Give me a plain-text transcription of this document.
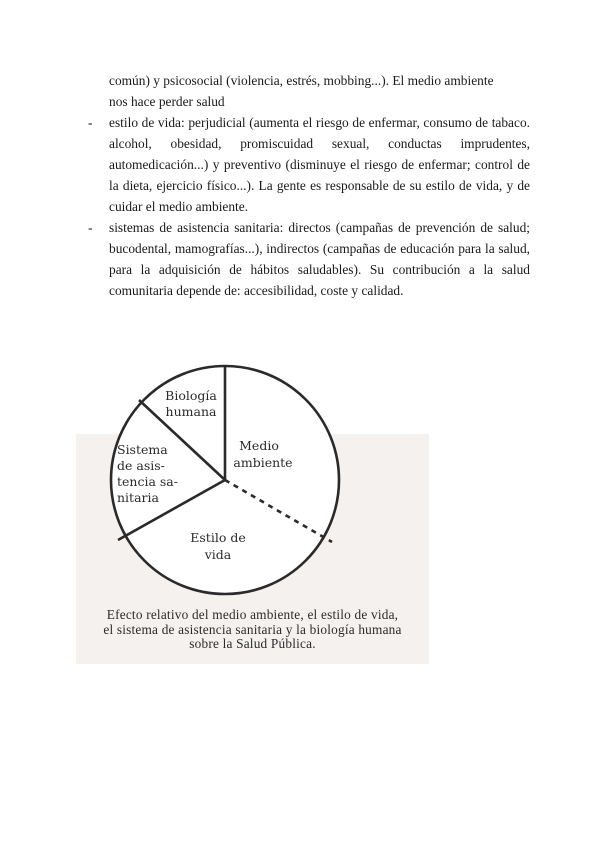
común) y psicosocial (violencia, estrés, mobbing...). El medio ambiente
nos hace perder salud

- estilo de vida: perjudicial (aumenta el riesgo de enfermar, consumo de tabaco. alcohol, obesidad, promiscuidad sexual, conductas imprudentes, automedicación...) y preventivo (disminuye el riesgo de enfermar; control de la dieta, ejercicio físico...). La gente es responsable de su estilo de vida, y de cuidar el medio ambiente.

- sistemas de asistencia sanitaria: directos (campañas de prevención de salud; bucodental, mamografías...), indirectos (campañas de educación para la salud, para la adquisición de hábitos saludables). Su contribución a la salud comunitaria depende de: accesibilidad, coste y calidad.

Biología
humana
Medio
ambiente
Estilo de
vida
Sistema
de asis-
tencia sa-
nitaria
Efecto relativo del medio ambiente, el estilo de vida,
el sistema de asistencia sanitaria y la biología humana
sobre la Salud Pública.
